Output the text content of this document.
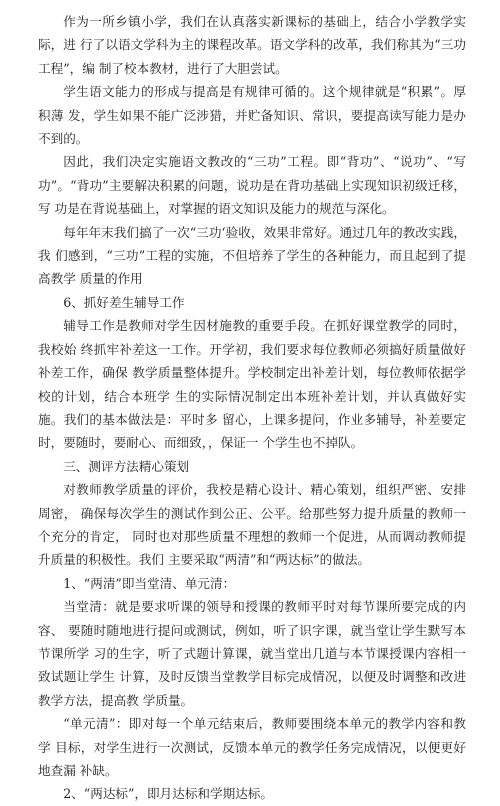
作为一所乡镇小学，我们在认真落实新课标的基础上，结合小学教学实际，进 行了以语文学科为主的课程改革。语文学科的改革，我们称其为“三功工程”，编 制了校本教材，进行了大胆尝试。

学生语文能力的形成与提高是有规律可循的。这个规律就是“积累”。厚积薄 发，学生如果不能广泛涉猎，并贮备知识、常识，要提高读写能力是办不到的。

因此，我们决定实施语文教改的“三功”工程。即“背功”、“说功”、“写 功”。“背功”主要解决积累的问题，说功是在背功基础上实现知识初级迁移，写 功是在背说基础上，对掌握的语文知识及能力的规范与深化。

每年年末我们搞了一次“三功‘验收，效果非常好。通过几年的教改实践，我 们感到，“三功”工程的实施，不但培养了学生的各种能力，而且起到了提高教学 质量的作用

6、抓好差生辅导工作

辅导工作是教师对学生因材施教的重要手段。在抓好课堂教学的同时，我校始 终抓牢补差这一工作。开学初，我们要求每位教师必须搞好质量做好补差工作，确保 教学质量整体提升。学校制定出补差计划，每位教师依据学校的计划，结合本班学 生的实际情况制定出本班补差计划，并认真做好实施。我们的基本做法是：平时多 留心，上课多提问，作业多辅导，补差要定时，要随时，要耐心、而细致，，保证一 个学生也不掉队。

三、测评方法精心策划

对教师教学质量的评价，我校是精心设计、精心策划，组织严密、安排周密， 确保每次学生的测试作到公正、公平。给那些努力提升质量的教师一个充分的肯定， 同时也对那些质量不理想的教师一个促进，从而调动教师提升质量的积极性。我们 主要采取“两清”和“两达标”的做法。

1、“两清”即当堂清、单元清：

当堂清：就是要求听课的领导和授课的教师平时对每节课所要完成的内容、 要随时随地进行提问或测试，例如，听了识字课，就当堂让学生默写本节课所学 习的生字，听了式题计算课，就当堂出几道与本节课授课内容相一致试题让学生 计算，及时反馈当堂教学目标完成情况，以便及时调整和改进教学方法，提高教 学质量。

“单元清”：即对每一个单元结束后，教师要围绕本单元的教学内容和教学 目标，对学生进行一次测试，反馈本单元的教学任务完成情况，以便更好地查漏 补缺。

2、“两达标”，即月达标和学期达标。
